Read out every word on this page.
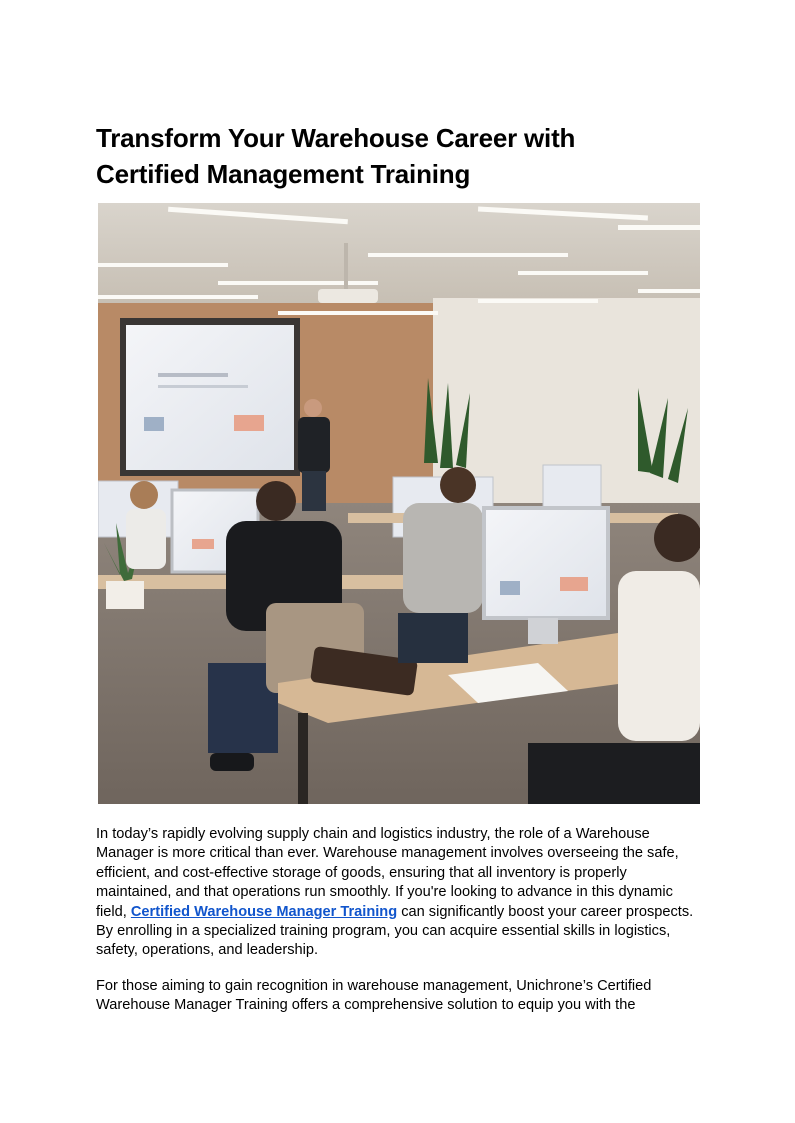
Transform Your Warehouse Career with
Certified Management Training

In today’s rapidly evolving supply chain and logistics industry, the role of a Warehouse Manager is more critical than ever. Warehouse management involves overseeing the safe, efficient, and cost-effective storage of goods, ensuring that all inventory is properly maintained, and that operations run smoothly. If you're looking to advance in this dynamic field, Certified Warehouse Manager Training can significantly boost your career prospects. By enrolling in a specialized training program, you can acquire essential skills in logistics, safety, operations, and leadership.

For those aiming to gain recognition in warehouse management, Unichrone’s Certified Warehouse Manager Training offers a comprehensive solution to equip you with the
